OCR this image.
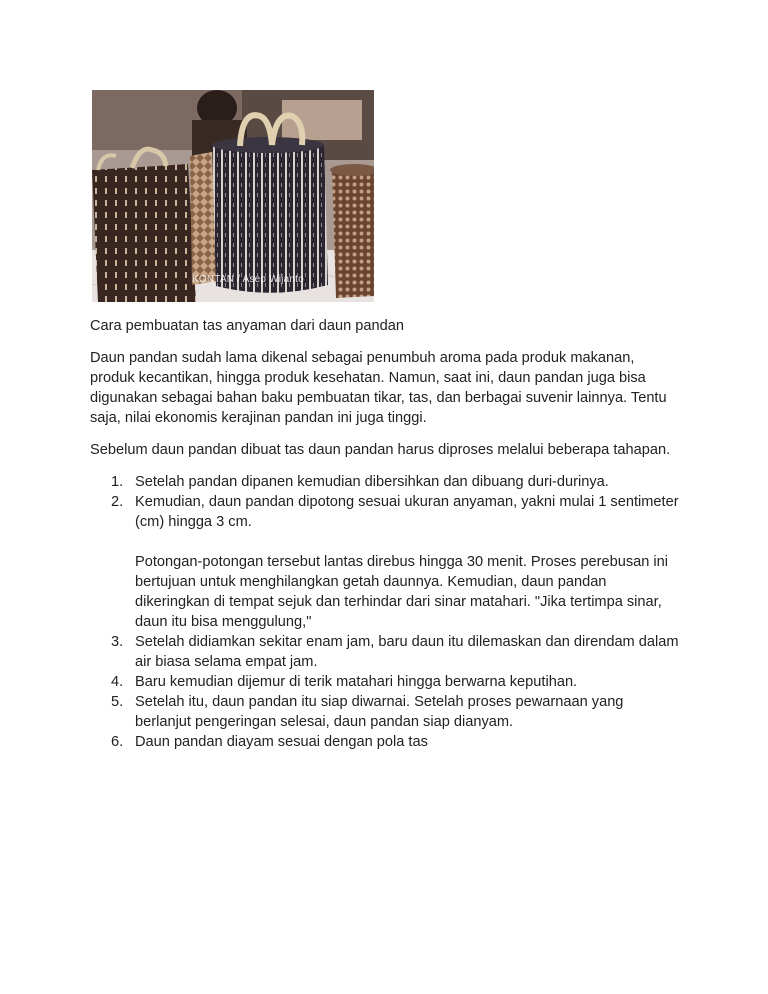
KONTAN / Asep Wijanto

Cara pembuatan tas anyaman dari daun pandan

Daun pandan sudah lama dikenal sebagai penumbuh aroma pada produk makanan, produk kecantikan, hingga produk kesehatan. Namun, saat ini, daun pandan juga bisa digunakan sebagai bahan baku pembuatan tikar, tas, dan berbagai suvenir lainnya. Tentu saja, nilai ekonomis kerajinan pandan ini juga tinggi.

Sebelum daun pandan dibuat tas daun pandan harus diproses melalui beberapa tahapan.

1. Setelah pandan dipanen kemudian dibersihkan dan dibuang duri-durinya.
2. Kemudian, daun pandan dipotong sesuai ukuran anyaman, yakni mulai 1 sentimeter (cm) hingga 3 cm.
Potongan-potongan tersebut lantas direbus hingga 30 menit. Proses perebusan ini bertujuan untuk menghilangkan getah daunnya. Kemudian, daun pandan dikeringkan di tempat sejuk dan terhindar dari sinar matahari. "Jika tertimpa sinar, daun itu bisa menggulung,"
3. Setelah didiamkan sekitar enam jam, baru daun itu dilemaskan dan direndam dalam air biasa selama empat jam.
4. Baru kemudian dijemur di terik matahari hingga berwarna keputihan.
5. Setelah itu, daun pandan itu siap diwarnai. Setelah proses pewarnaan yang berlanjut pengeringan selesai, daun pandan siap dianyam.
6. Daun pandan diayam sesuai dengan pola tas
